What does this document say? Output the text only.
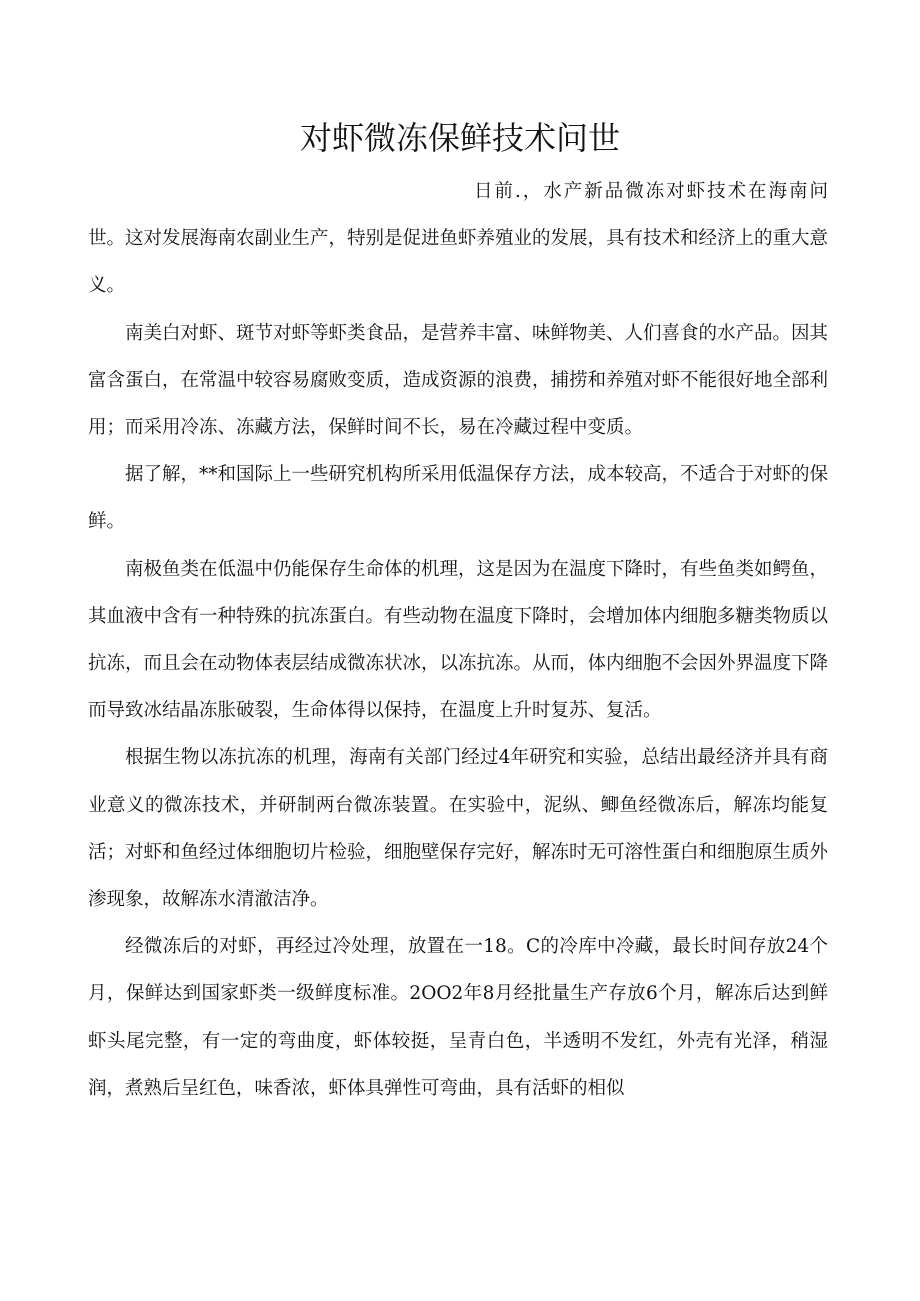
对虾微冻保鲜技术问世

日前.，水产新品微冻对虾技术在海南问世。这对发展海南农副业生产，特别是促进鱼虾养殖业的发展，具有技术和经济上的重大意义。

南美白对虾、斑节对虾等虾类食品，是营养丰富、味鲜物美、人们喜食的水产品。因其富含蛋白，在常温中较容易腐败变质，造成资源的浪费，捕捞和养殖对虾不能很好地全部利用；而采用冷冻、冻藏方法，保鲜时间不长，易在冷藏过程中变质。

据了解，**和国际上一些研究机构所采用低温保存方法，成本较高，不适合于对虾的保鲜。

南极鱼类在低温中仍能保存生命体的机理，这是因为在温度下降时，有些鱼类如鳄鱼，其血液中含有一种特殊的抗冻蛋白。有些动物在温度下降时，会增加体内细胞多糖类物质以抗冻，而且会在动物体表层结成微冻状冰，以冻抗冻。从而，体内细胞不会因外界温度下降而导致冰结晶冻胀破裂，生命体得以保持，在温度上升时复苏、复活。

根据生物以冻抗冻的机理，海南有关部门经过4年研究和实验，总结出最经济并具有商业意义的微冻技术，并研制两台微冻装置。在实验中，泥纵、鲫鱼经微冻后，解冻均能复活；对虾和鱼经过体细胞切片检验，细胞壁保存完好，解冻时无可溶性蛋白和细胞原生质外渗现象，故解冻水清澈洁净。

经微冻后的对虾，再经过冷处理，放置在一18。C的冷库中冷藏，最长时间存放24个月，保鲜达到国家虾类一级鲜度标准。2OO2年8月经批量生产存放6个月，解冻后达到鲜虾头尾完整，有一定的弯曲度，虾体较挺，呈青白色，半透明不发红，外壳有光泽，稍湿润，煮熟后呈红色，味香浓，虾体具弹性可弯曲，具有活虾的相似
